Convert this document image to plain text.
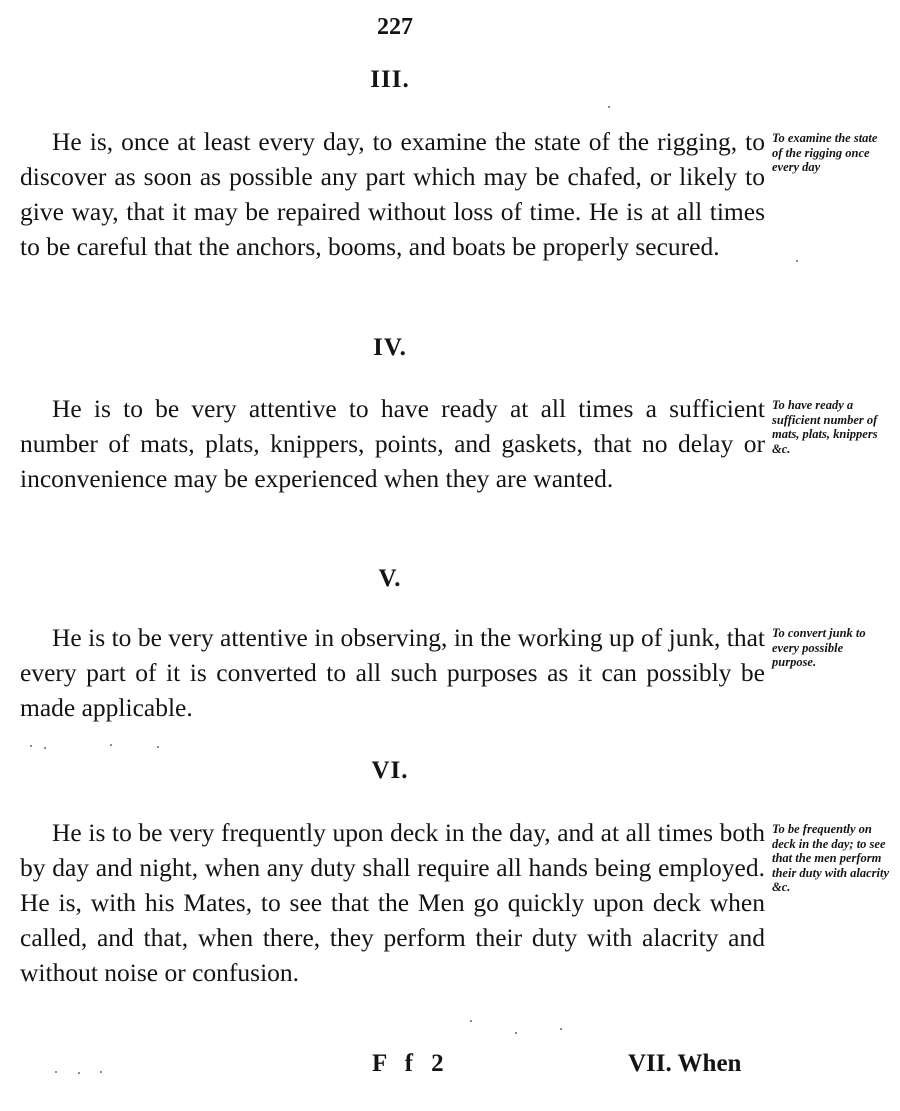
227
III.

He is, once at least every day, to examine the state of the rigging, to discover as soon as possible any part which may be chafed, or likely to give way, that it may be repaired without loss of time. He is at all times to be careful that the anchors, booms, and boats be properly secured.

To examine the state of the rigging once every day

IV.

He is to be very attentive to have ready at all times a sufficient number of mats, plats, knippers, points, and gaskets, that no delay or inconvenience may be experienced when they are wanted.

To have ready a sufficient number of mats, plats, knippers &c.

V.

He is to be very attentive in observing, in the working up of junk, that every part of it is converted to all such purposes as it can possibly be made applicable.

To convert junk to every possible purpose.

VI.

He is to be very frequently upon deck in the day, and at all times both by day and night, when any duty shall require all hands being employed. He is, with his Mates, to see that the Men go quickly upon deck when called, and that, when there, they perform their duty with alacrity and without noise or confusion.

To be frequently on deck in the day; to see that the men perform their duty with alacrity &c.

F f 2	VII. When
